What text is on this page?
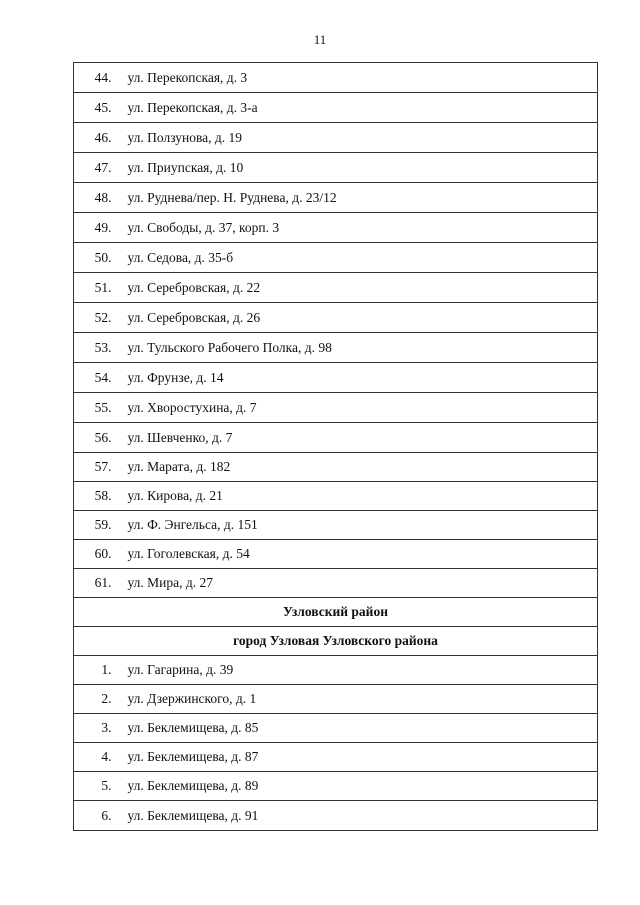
11
44.	ул. Перекопская, д. 3
45.	ул. Перекопская, д. 3-а
46.	ул. Ползунова, д. 19
47.	ул. Приупская, д. 10
48.	ул. Руднева/пер. Н. Руднева, д. 23/12
49.	ул. Свободы, д. 37, корп. 3
50.	ул. Седова, д. 35-б
51.	ул. Серебровская, д. 22
52.	ул. Серебровская, д. 26
53.	ул. Тульского Рабочего Полка, д. 98
54.	ул. Фрунзе, д. 14
55.	ул. Хворостухина, д. 7
56.	ул. Шевченко, д. 7
57.	ул. Марата, д. 182
58.	ул. Кирова, д. 21
59.	ул. Ф. Энгельса, д. 151
60.	ул. Гоголевская, д. 54
61.	ул. Мира, д. 27
Узловский район	
город Узловая Узловского района	
1.	ул. Гагарина, д. 39
2.	ул. Дзержинского, д. 1
3.	ул. Беклемищева, д. 85
4.	ул. Беклемищева, д. 87
5.	ул. Беклемищева, д. 89
6.	ул. Беклемищева, д. 91
